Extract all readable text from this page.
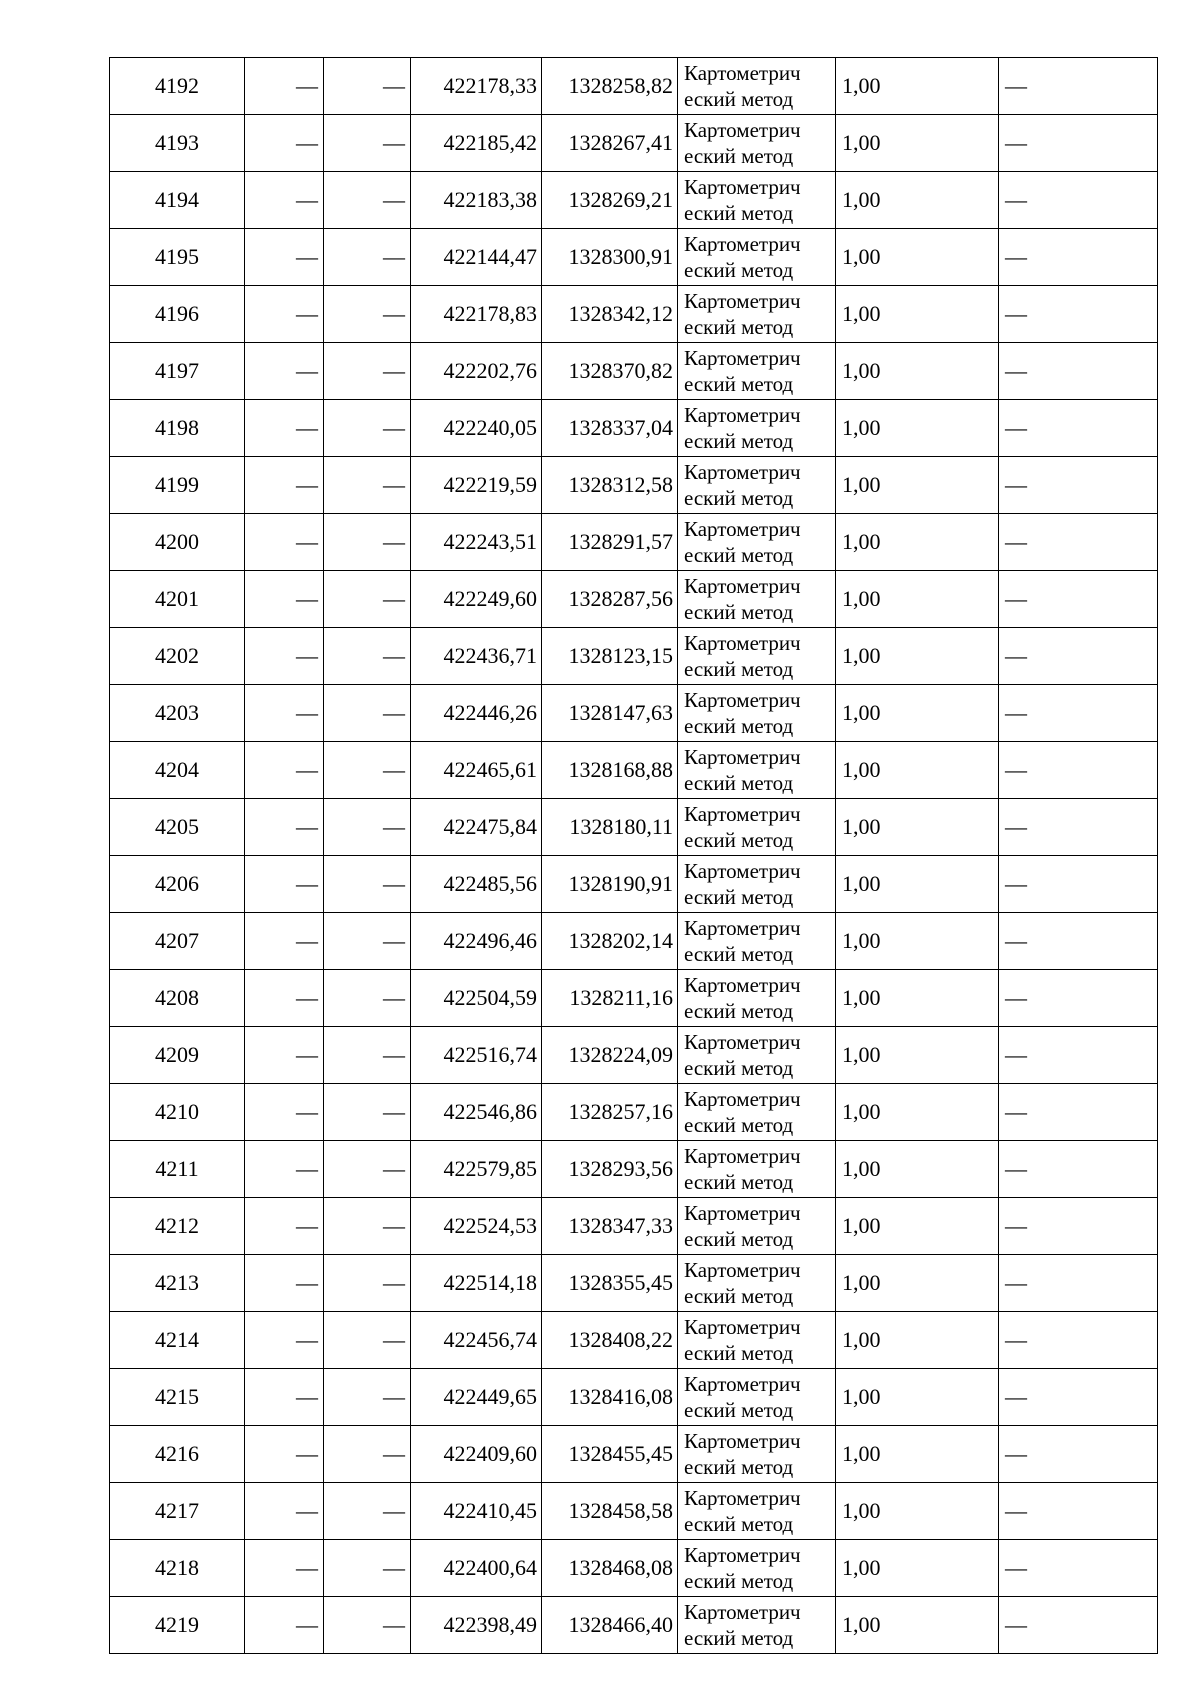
4192	—	—	422178,33	1328258,82	Картометрич еский метод	1,00	—
4193	—	—	422185,42	1328267,41	Картометрич еский метод	1,00	—
4194	—	—	422183,38	1328269,21	Картометрич еский метод	1,00	—
4195	—	—	422144,47	1328300,91	Картометрич еский метод	1,00	—
4196	—	—	422178,83	1328342,12	Картометрич еский метод	1,00	—
4197	—	—	422202,76	1328370,82	Картометрич еский метод	1,00	—
4198	—	—	422240,05	1328337,04	Картометрич еский метод	1,00	—
4199	—	—	422219,59	1328312,58	Картометрич еский метод	1,00	—
4200	—	—	422243,51	1328291,57	Картометрич еский метод	1,00	—
4201	—	—	422249,60	1328287,56	Картометрич еский метод	1,00	—
4202	—	—	422436,71	1328123,15	Картометрич еский метод	1,00	—
4203	—	—	422446,26	1328147,63	Картометрич еский метод	1,00	—
4204	—	—	422465,61	1328168,88	Картометрич еский метод	1,00	—
4205	—	—	422475,84	1328180,11	Картометрич еский метод	1,00	—
4206	—	—	422485,56	1328190,91	Картометрич еский метод	1,00	—
4207	—	—	422496,46	1328202,14	Картометрич еский метод	1,00	—
4208	—	—	422504,59	1328211,16	Картометрич еский метод	1,00	—
4209	—	—	422516,74	1328224,09	Картометрич еский метод	1,00	—
4210	—	—	422546,86	1328257,16	Картометрич еский метод	1,00	—
4211	—	—	422579,85	1328293,56	Картометрич еский метод	1,00	—
4212	—	—	422524,53	1328347,33	Картометрич еский метод	1,00	—
4213	—	—	422514,18	1328355,45	Картометрич еский метод	1,00	—
4214	—	—	422456,74	1328408,22	Картометрич еский метод	1,00	—
4215	—	—	422449,65	1328416,08	Картометрич еский метод	1,00	—
4216	—	—	422409,60	1328455,45	Картометрич еский метод	1,00	—
4217	—	—	422410,45	1328458,58	Картометрич еский метод	1,00	—
4218	—	—	422400,64	1328468,08	Картометрич еский метод	1,00	—
4219	—	—	422398,49	1328466,40	Картометрич еский метод	1,00	—
